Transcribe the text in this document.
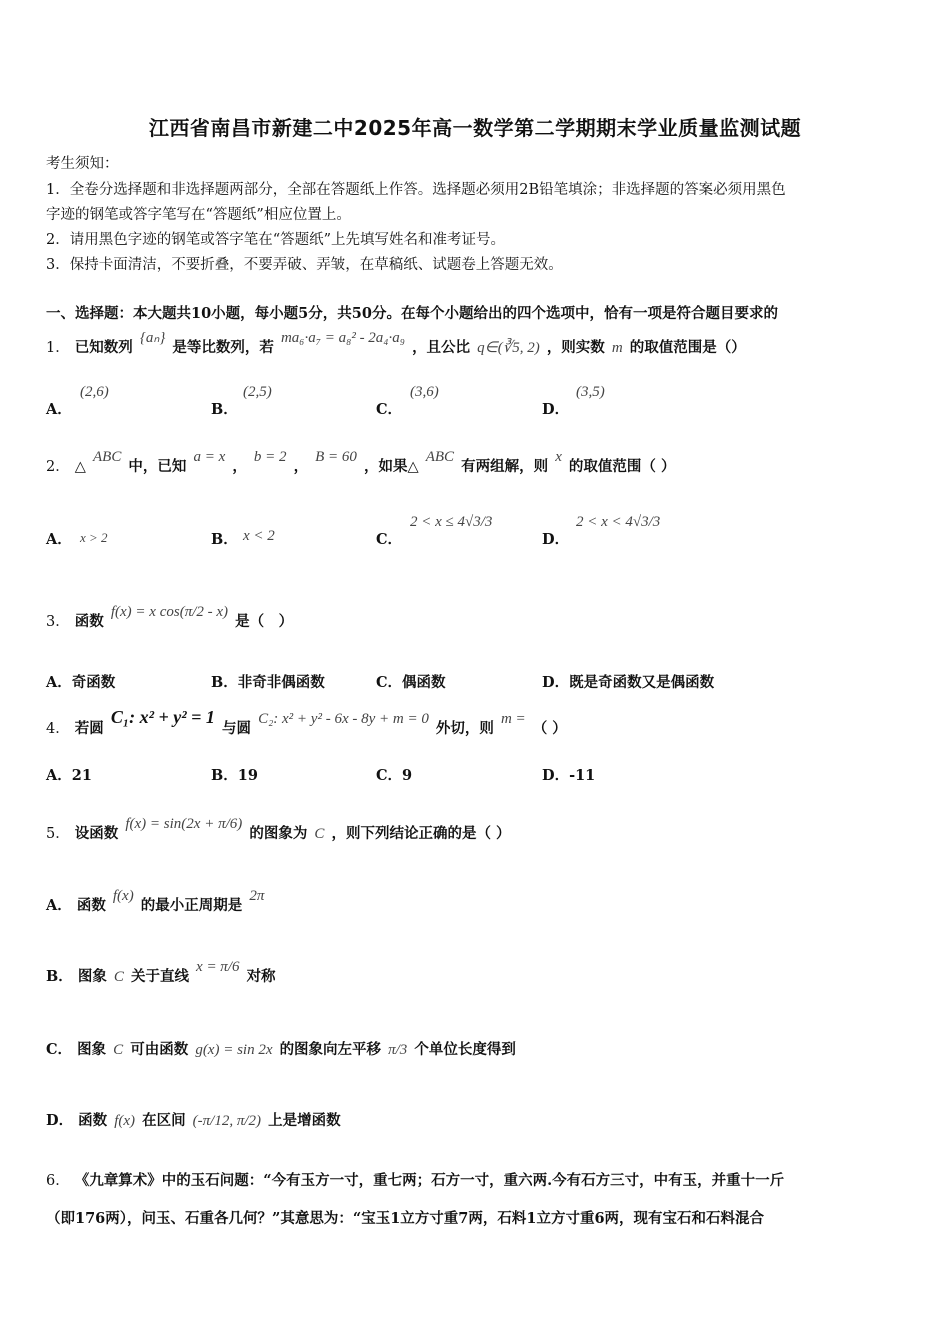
江西省南昌市新建二中2025年高一数学第二学期期末学业质量监测试题
考生须知：
1．全卷分选择题和非选择题两部分，全部在答题纸上作答。选择题必须用2B铅笔填涂；非选择题的答案必须用黑色
字迹的钢笔或答字笔写在“答题纸”相应位置上。
2．请用黑色字迹的钢笔或答字笔在“答题纸”上先填写姓名和准考证号。
3．保持卡面清洁，不要折叠，不要弄破、弄皱，在草稿纸、试题卷上答题无效。
一、选择题：本大题共10小题，每小题5分，共50分。在每个小题给出的四个选项中，恰有一项是符合题目要求的
1． 已知数列 {aₙ} 是等比数列，若 ma₆·a₇ = a₈² - 2a₄·a₉ ，且公比 q∈(∛5, 2) ，则实数 m 的取值范围是（）
A．
(2,6)
B．
(2,5)
C．
(3,6)
D．
(3,5)
2． △ ABC 中，已知 a = x ， b = 2 ， B = 60 ，如果△ ABC 有两组解，则 x 的取值范围（ ）
A． x > 2	B． x < 2	C．
2 < x ≤ 4√3/3
D．
2 < x < 4√3/3
3． 函数 f(x) = x cos(π/2 - x) 是（　）
A．奇函数	B．非奇非偶函数	C．偶函数	D．既是奇函数又是偶函数
4． 若圆 C₁: x² + y² = 1 与圆 C₂: x² + y² - 6x - 8y + m = 0 外切，则 m = （ ）
A．21	B．19	C．9	D．-11
5． 设函数 f(x) = sin(2x + π/6) 的图象为 C ，则下列结论正确的是（ ）
A． 函数 f(x) 的最小正周期是 2π
B． 图象 C 关于直线 x = π/6 对称
C． 图象 C 可由函数 g(x) = sin 2x 的图象向左平移 π/3 个单位长度得到
D． 函数 f(x) 在区间 (-π/12, π/2) 上是增函数
6． 《九章算术》中的玉石问题：“今有玉方一寸，重七两；石方一寸，重六两.今有石方三寸，中有玉，并重十一斤
（即176两），问玉、石重各几何？”其意思为：“宝玉1立方寸重7两，石料1立方寸重6两，现有宝石和石料混合
